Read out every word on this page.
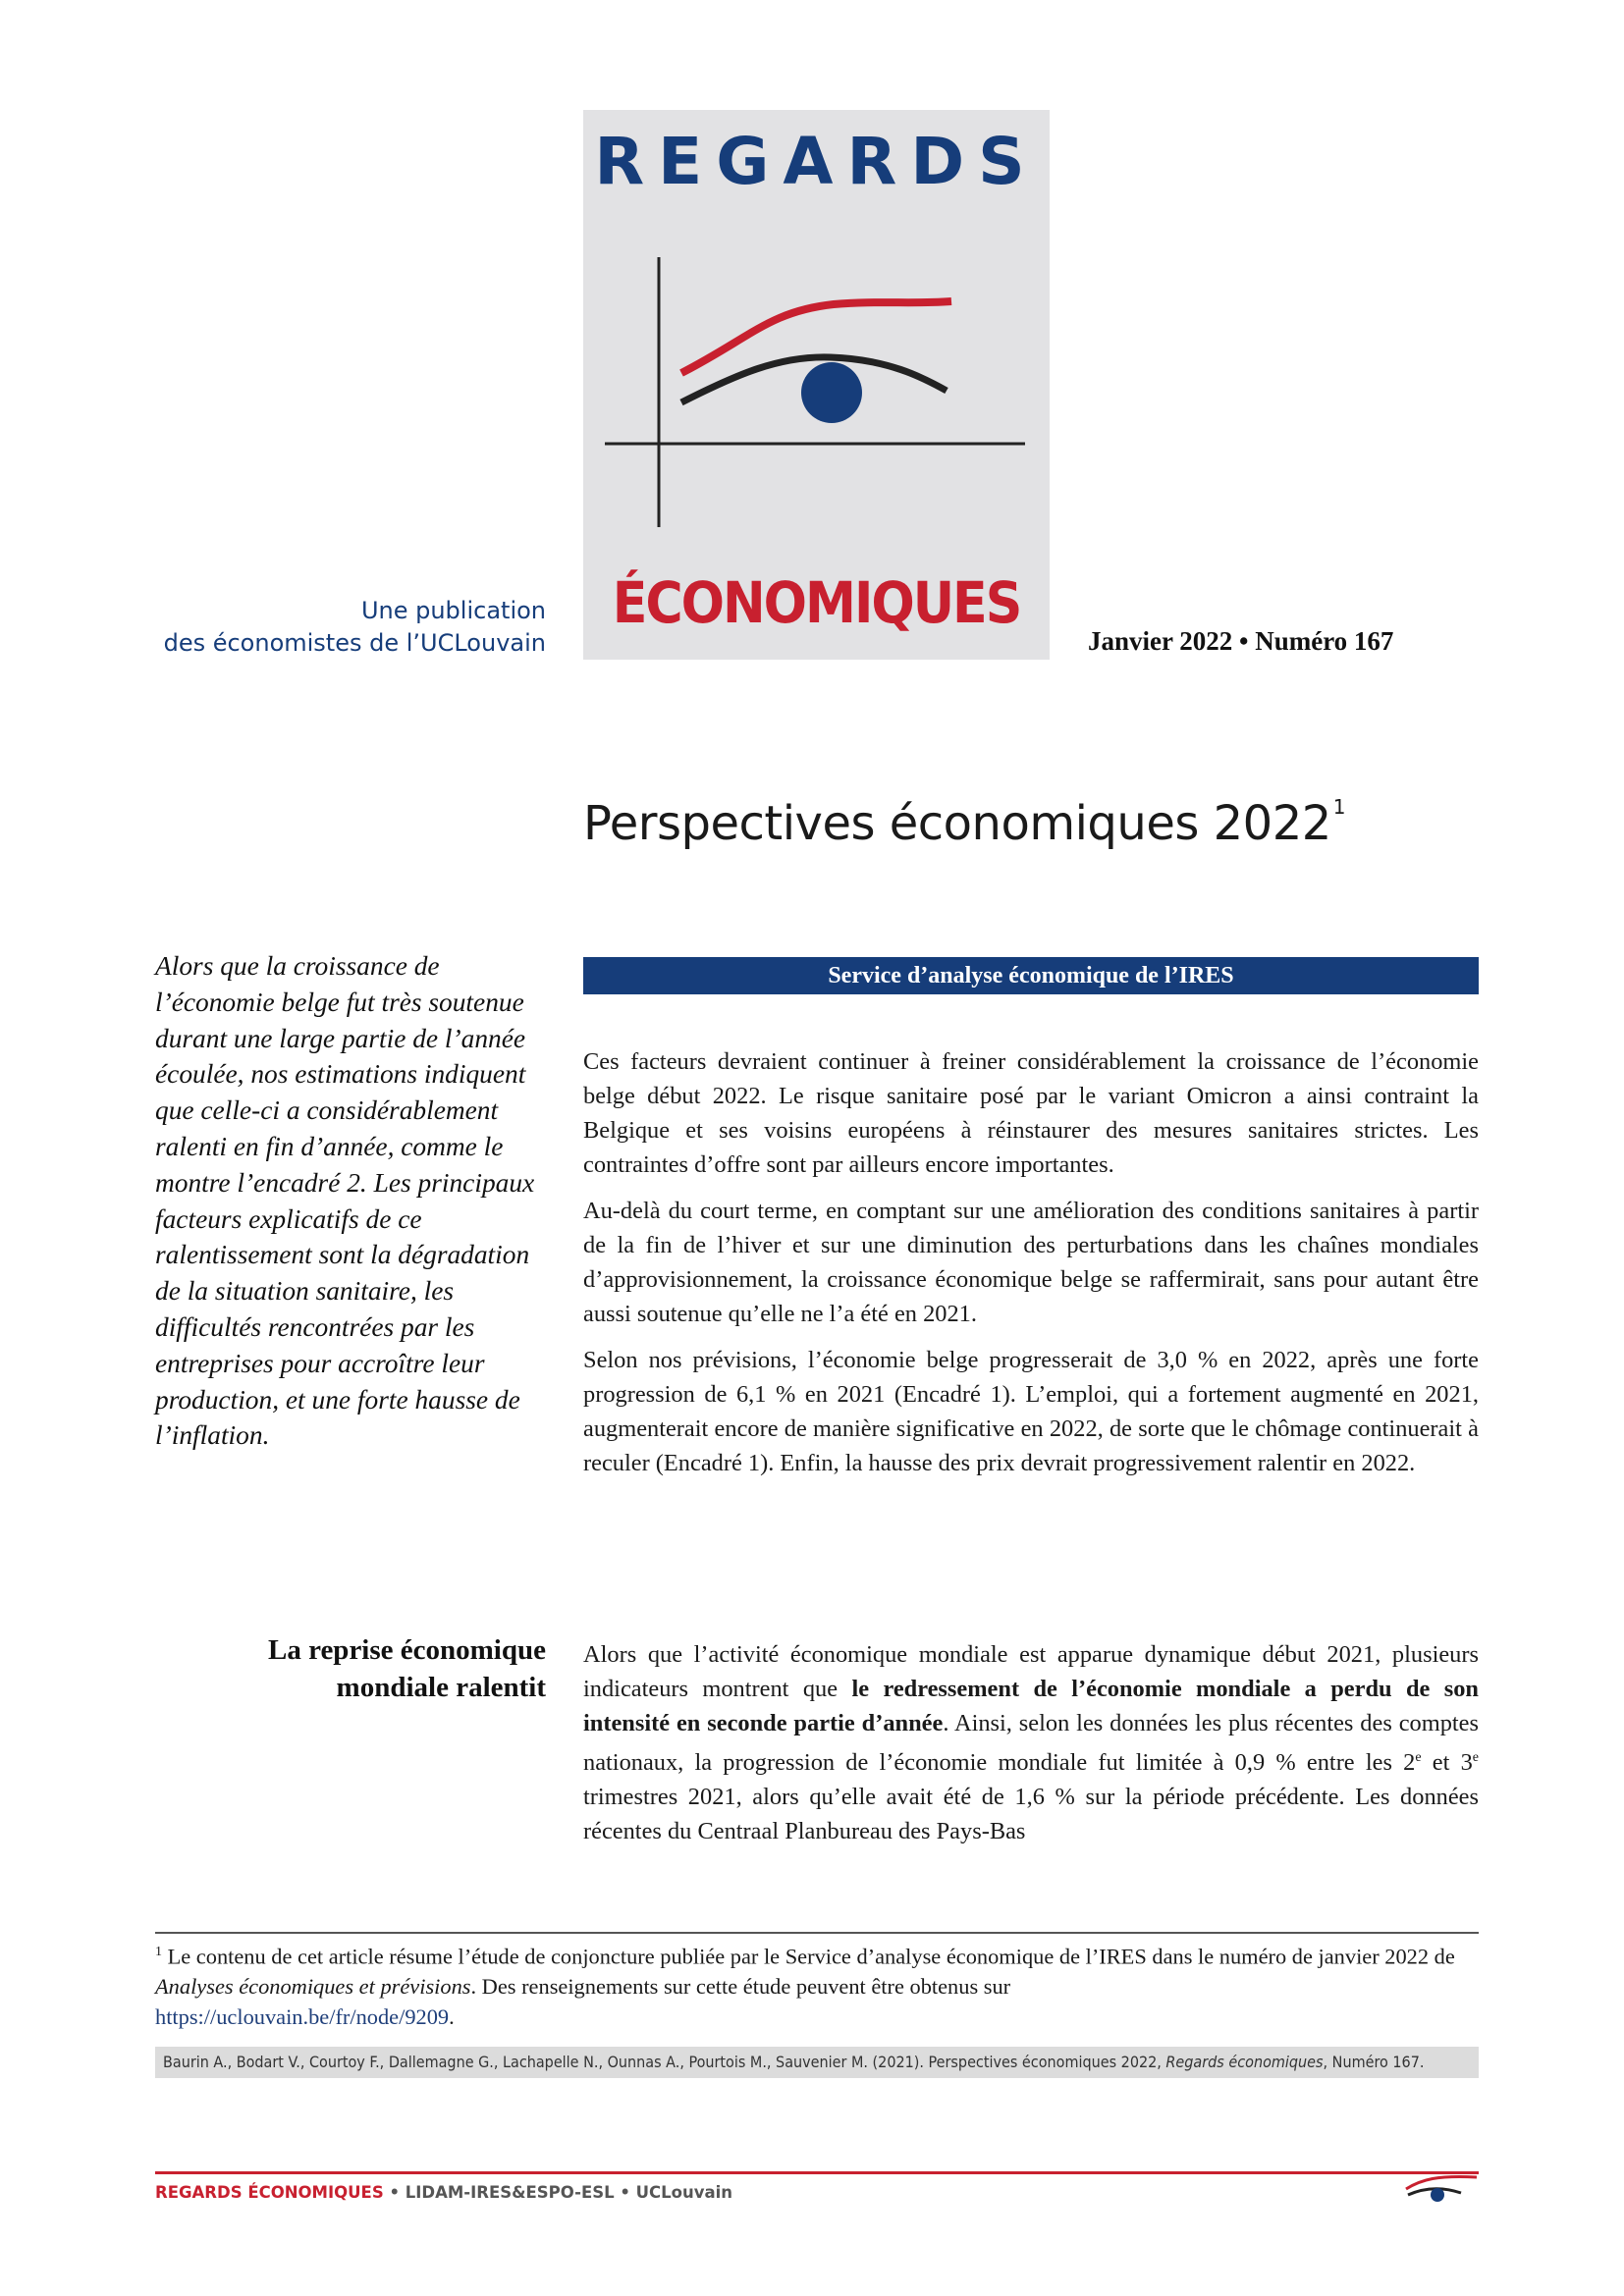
REGARDS
ÉCONOMIQUES
Une publication
des économistes de l’UCLouvain	Janvier 2022 • Numéro 167
Perspectives économiques 2022 $^1$
Alors que la croissance de l’économie belge fut très soutenue durant une large partie de l’année écoulée, nos estimations indiquent que celle-ci a considérablement ralenti en fin d’année, comme le montre l’encadré 2. Les principaux facteurs explicatifs de ce ralentissement sont la dégradation de la situation sanitaire, les difficultés rencontrées par les entreprises pour accroître leur production, et une forte hausse de l’inflation.
Service d’analyse économique de l’IRES

Ces facteurs devraient continuer à freiner considérablement la croissance de l’économie belge début 2022. Le risque sanitaire posé par le variant Omicron a ainsi contraint la Belgique et ses voisins européens à réinstaurer des mesures sanitaires strictes. Les contraintes d’offre sont par ailleurs encore importantes.

Au-delà du court terme, en comptant sur une amélioration des conditions sanitaires à partir de la fin de l’hiver et sur une diminution des perturbations dans les chaînes mondiales d’approvisionnement, la croissance économique belge se raffermirait, sans pour autant être aussi soutenue qu’elle ne l’a été en 2021.

Selon nos prévisions, l’économie belge progresserait de 3,0 % en 2022, après une forte progression de 6,1 % en 2021 (Encadré 1). L’emploi, qui a fortement augmenté en 2021, augmenterait encore de manière significative en 2022, de sorte que le chômage continuerait à reculer (Encadré 1). Enfin, la hausse des prix devrait progressivement ralentir en 2022.

La reprise économique
mondiale ralentit

Alors que l’activité économique mondiale est apparue dynamique début 2021, plusieurs indicateurs montrent que le redressement de l’économie mondiale a perdu de son intensité en seconde partie d’année. Ainsi, selon les données les plus récentes des comptes nationaux, la progression de l’économie mondiale fut limitée à 0,9 % entre les 2e et 3e trimestres 2021, alors qu’elle avait été de 1,6 % sur la période précédente. Les données récentes du Centraal Planbureau des Pays-Bas

$^1$ Le contenu de cet article résume l’étude de conjoncture publiée par le Service d’analyse économique de l’IRES dans le numéro de janvier 2022 de Analyses économiques et prévisions. Des renseignements sur cette étude peuvent être obtenus sur
https://uclouvain.be/fr/node/9209.
Baurin A., Bodart V., Courtoy F., Dallemagne G., Lachapelle N., Ounnas A., Pourtois M., Sauvenier M. (2021). Perspectives économiques 2022, Regards économiques, Numéro 167.
REGARDS ÉCONOMIQUES • LIDAM-IRES&ESPO-ESL • UCLouvain
